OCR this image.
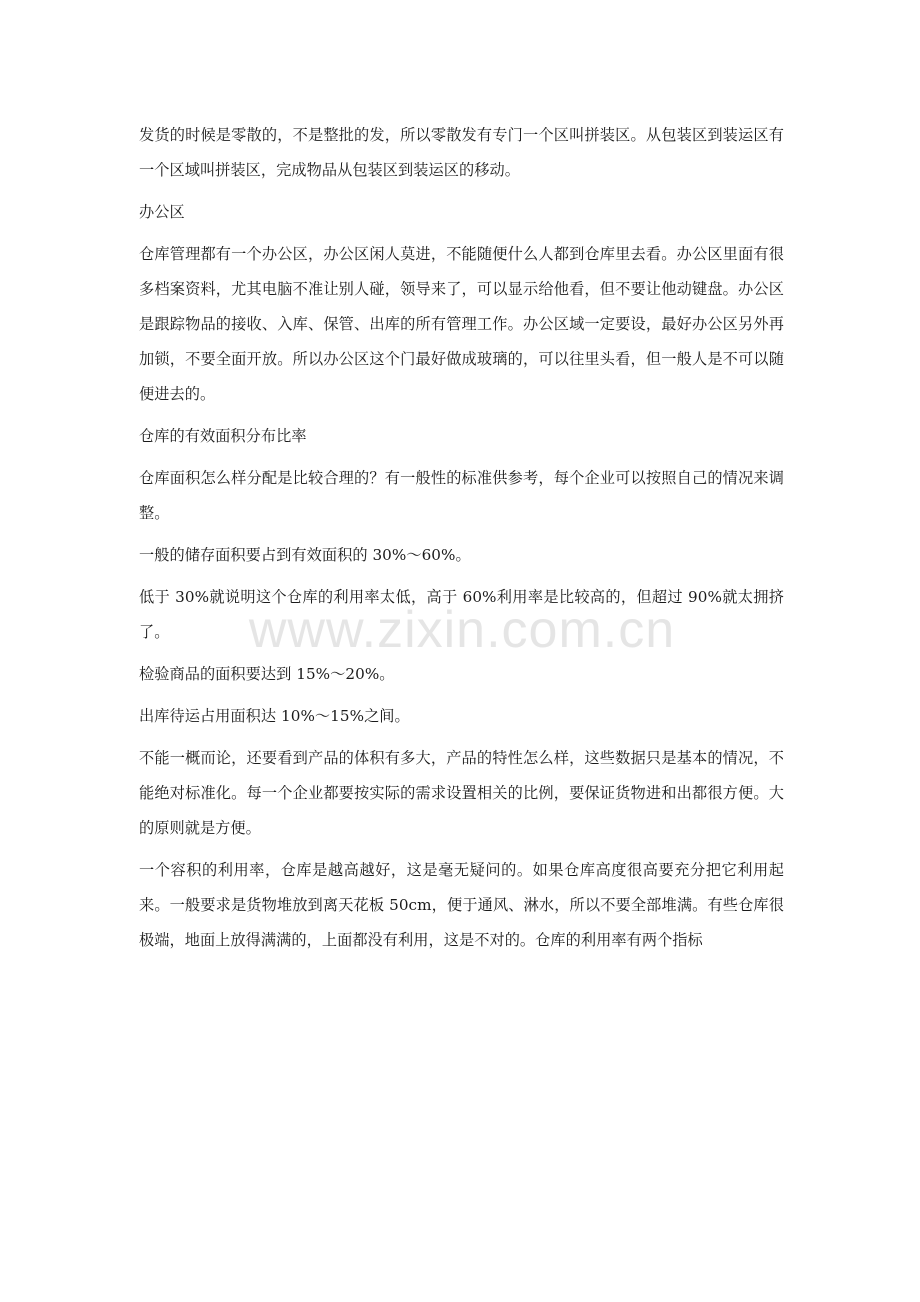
发货的时候是零散的，不是整批的发，所以零散发有专门一个区叫拼装区。从包装区到装运区有一个区域叫拼装区，完成物品从包装区到装运区的移动。

办公区

仓库管理都有一个办公区，办公区闲人莫进，不能随便什么人都到仓库里去看。办公区里面有很多档案资料，尤其电脑不准让别人碰，领导来了，可以显示给他看，但不要让他动键盘。办公区是跟踪物品的接收、入库、保管、出库的所有管理工作。办公区域一定要设，最好办公区另外再加锁，不要全面开放。所以办公区这个门最好做成玻璃的，可以往里头看，但一般人是不可以随便进去的。

仓库的有效面积分布比率

仓库面积怎么样分配是比较合理的？有一般性的标准供参考，每个企业可以按照自己的情况来调整。

一般的储存面积要占到有效面积的 30%～60%。

低于 30%就说明这个仓库的利用率太低，高于 60%利用率是比较高的，但超过 90%就太拥挤了。

检验商品的面积要达到 15%～20%。

出库待运占用面积达 10%～15%之间。

不能一概而论，还要看到产品的体积有多大，产品的特性怎么样，这些数据只是基本的情况，不能绝对标准化。每一个企业都要按实际的需求设置相关的比例，要保证货物进和出都很方便。大的原则就是方便。

一个容积的利用率，仓库是越高越好，这是毫无疑问的。如果仓库高度很高要充分把它利用起来。一般要求是货物堆放到离天花板 50cm，便于通风、淋水，所以不要全部堆满。有些仓库很极端，地面上放得满满的，上面都没有利用，这是不对的。仓库的利用率有两个指标

www.zixin.com.cn
